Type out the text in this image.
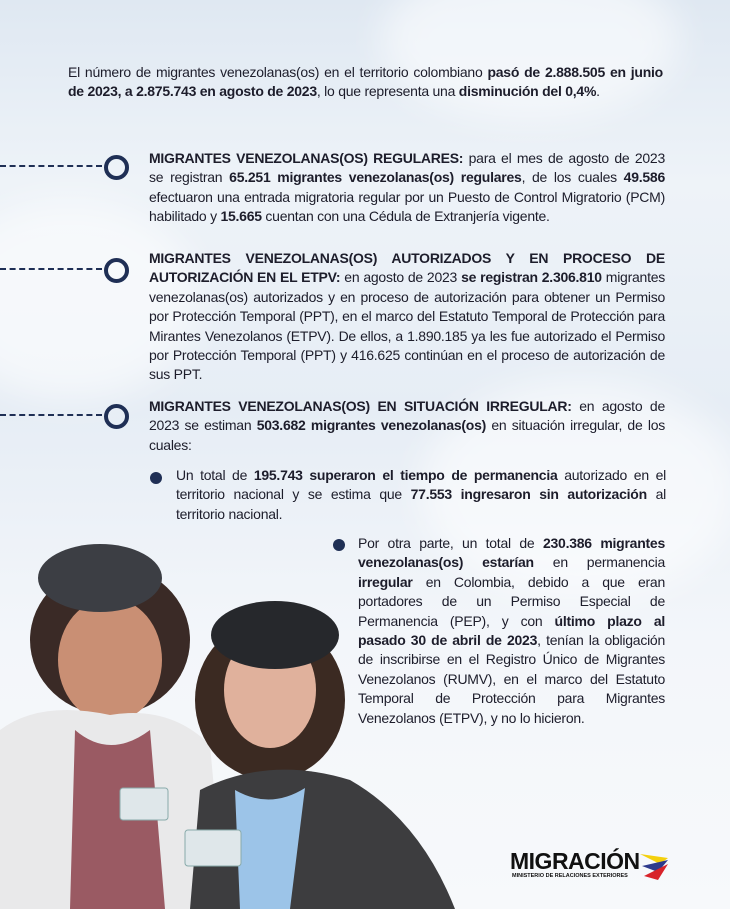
El número de migrantes venezolanas(os) en el territorio colombiano pasó de 2.888.505 en junio de 2023, a 2.875.743 en agosto de 2023, lo que representa una disminución del 0,4%.
MIGRANTES VENEZOLANAS(OS) REGULARES: para el mes de agosto de 2023 se registran 65.251 migrantes venezolanas(os) regulares, de los cuales 49.586 efectuaron una entrada migratoria regular por un Puesto de Control Migratorio (PCM) habilitado y 15.665 cuentan con una Cédula de Extranjería vigente.
MIGRANTES VENEZOLANAS(OS) AUTORIZADOS Y EN PROCESO DE AUTORIZACIÓN EN EL ETPV: en agosto de 2023 se registran 2.306.810 migrantes venezolanas(os) autorizados y en proceso de autorización para obtener un Permiso por Protección Temporal (PPT), en el marco del Estatuto Temporal de Protección para Mirantes Venezolanos (ETPV). De ellos, a 1.890.185 ya les fue autorizado el Permiso por Protección Temporal (PPT) y 416.625 continúan en el proceso de autorización de sus PPT.
MIGRANTES VENEZOLANAS(OS) EN SITUACIÓN IRREGULAR: en agosto de 2023 se estiman 503.682 migrantes venezolanas(os) en situación irregular, de los cuales:
Un total de 195.743 superaron el tiempo de permanencia autorizado en el territorio nacional y se estima que 77.553 ingresaron sin autorización al territorio nacional.
Por otra parte, un total de 230.386 migrantes venezolanas(os) estarían en permanencia irregular en Colombia, debido a que eran portadores de un Permiso Especial de Permanencia (PEP), y con último plazo al pasado 30 de abril de 2023, tenían la obligación de inscribirse en el Registro Único de Migrantes Venezolanos (RUMV), en el marco del Estatuto Temporal de Protección para Migrantes Venezolanos (ETPV), y no lo hicieron.
MIGRACIÓN
MINISTERIO DE RELACIONES EXTERIORES
